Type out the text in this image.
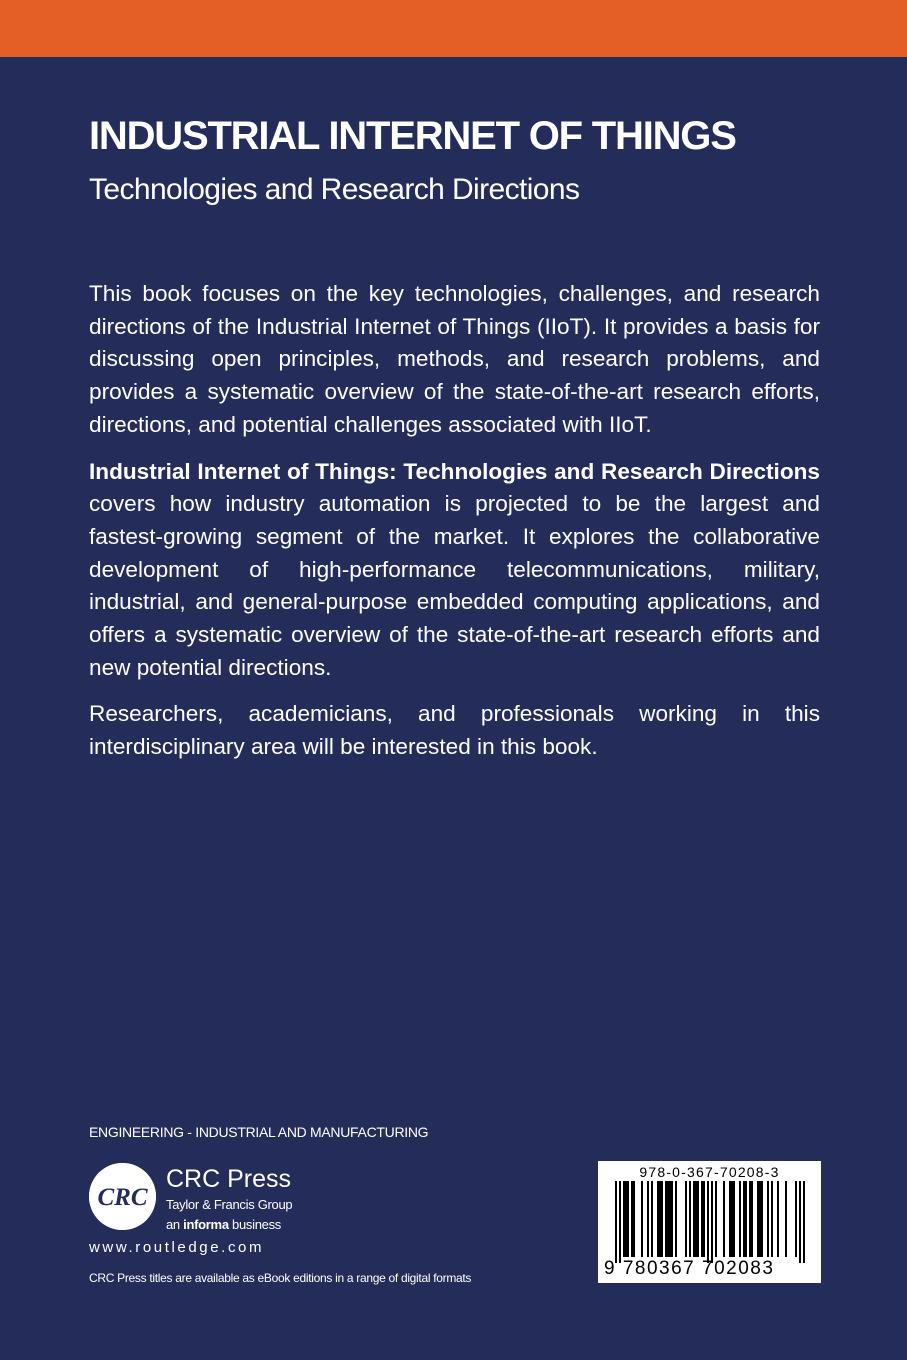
INDUSTRIAL INTERNET OF THINGS
Technologies and Research Directions

This book focuses on the key technologies, challenges, and research directions of the Industrial Internet of Things (IIoT). It provides a basis for discussing open principles, methods, and research problems, and provides a systematic overview of the state-of-the-art research efforts, directions, and potential challenges associated with IIoT.

Industrial Internet of Things: Technologies and Research Directions covers how industry automation is projected to be the largest and fastest-growing segment of the market. It explores the collaborative development of high-performance telecommunications, military, industrial, and general-purpose embedded computing applications, and offers a systematic overview of the state-of-the-art research efforts and new potential directions.

Researchers, academicians, and professionals working in this interdisciplinary area will be interested in this book.

ENGINEERING - INDUSTRIAL AND MANUFACTURING
CRC
CRC Press
Taylor & Francis Group
an informa business
www.routledge.com
CRC Press titles are available as eBook editions in a range of digital formats
978-0-367-70208-3
9 780367 702083
